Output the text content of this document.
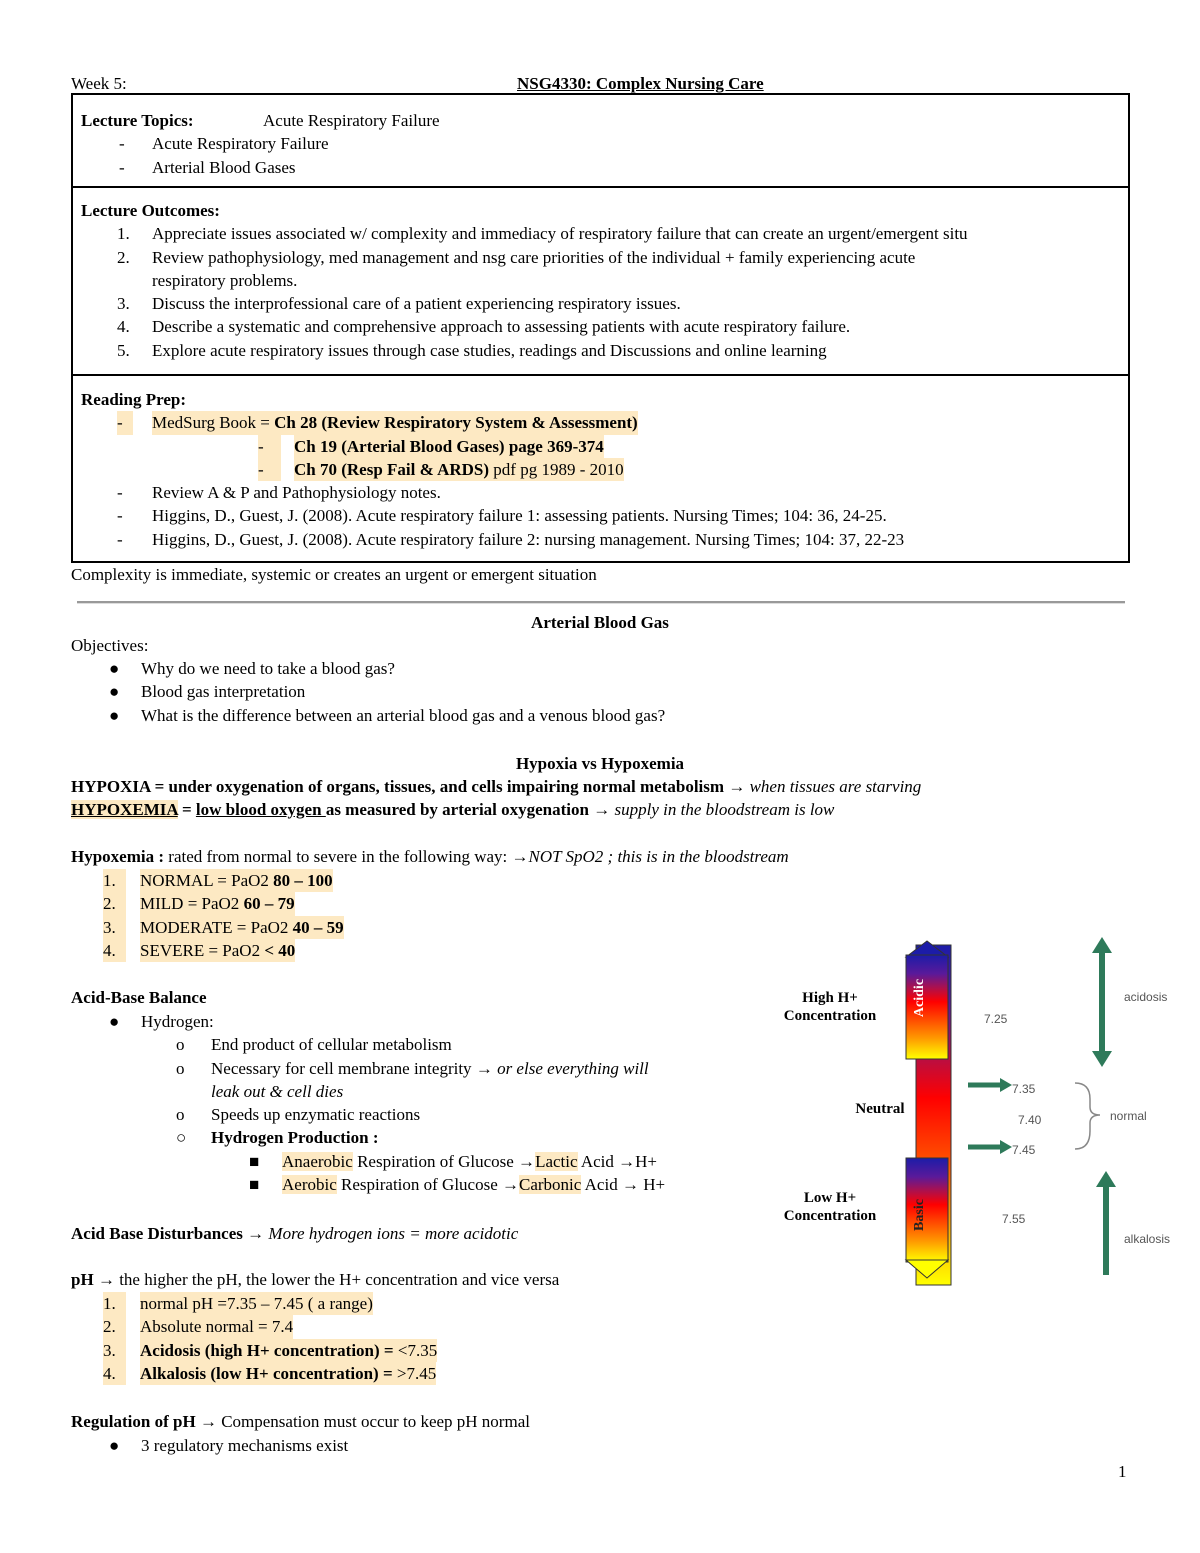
Week 5:	NSG4330: Complex Nursing Care
Lecture Topics:	Acute Respiratory Failure
- Acute Respiratory Failure
- Arterial Blood Gases
Lecture Outcomes:
1. Appreciate issues associated w/ complexity and immediacy of respiratory failure that can create an urgent/emergent situ
2. Review pathophysiology, med management and nsg care priorities of the individual + family experiencing acute
respiratory problems.
3. Discuss the interprofessional care of a patient experiencing respiratory issues.
4. Describe a systematic and comprehensive approach to assessing patients with acute respiratory failure.
5. Explore acute respiratory issues through case studies, readings and Discussions and online learning
Reading Prep:
-	MedSurg Book = Ch 28 (Review Respiratory System & Assessment)
-	Ch 19 (Arterial Blood Gases) page 369-374
-	Ch 70 (Resp Fail & ARDS) pdf pg 1989 - 2010
- Review A & P and Pathophysiology notes.
- Higgins, D., Guest, J. (2008). Acute respiratory failure 1: assessing patients. Nursing Times; 104: 36, 24-25.
- Higgins, D., Guest, J. (2008). Acute respiratory failure 2: nursing management. Nursing Times; 104: 37, 22-23
Complexity is immediate, systemic or creates an urgent or emergent situation
Arterial Blood Gas
Objectives:
● Why do we need to take a blood gas?
● Blood gas interpretation
● What is the difference between an arterial blood gas and a venous blood gas?
Hypoxia vs Hypoxemia
HYPOXIA = under oxygenation of organs, tissues, and cells impairing normal metabolism → when tissues are starving
HYPOXEMIA = low blood oxygen as measured by arterial oxygenation → supply in the bloodstream is low
Hypoxemia : rated from normal to severe in the following way: →NOT SpO2 ; this is in the bloodstream
1.	NORMAL = PaO2 80 – 100
2.	MILD = PaO2 60 – 79
3.	MODERATE = PaO2 40 – 59
4.	SEVERE = PaO2 < 40
Acid-Base Balance
● Hydrogen:
o End product of cellular metabolism
o Necessary for cell membrane integrity → or else everything will
leak out & cell dies
o Speeds up enzymatic reactions
○ Hydrogen Production :
■ Anaerobic Respiration of Glucose →Lactic Acid →H+
■ Aerobic Respiration of Glucose →Carbonic Acid → H+
Acid Base Disturbances → More hydrogen ions = more acidotic
pH → the higher the pH, the lower the H+ concentration and vice versa
1.	normal pH =7.35 – 7.45 ( a range)
2.	Absolute normal = 7.4
3.	Acidosis (high H+ concentration) = <7.35
4.	Alkalosis (low H+ concentration) = >7.45
Regulation of pH → Compensation must occur to keep pH normal
● 3 regulatory mechanisms exist
High H+
Concentration
Neutral
Low H+
Concentration
Acidic
Basic
7.25
7.35
7.40
7.45
7.55
acidosis
normal
alkalosis
1
